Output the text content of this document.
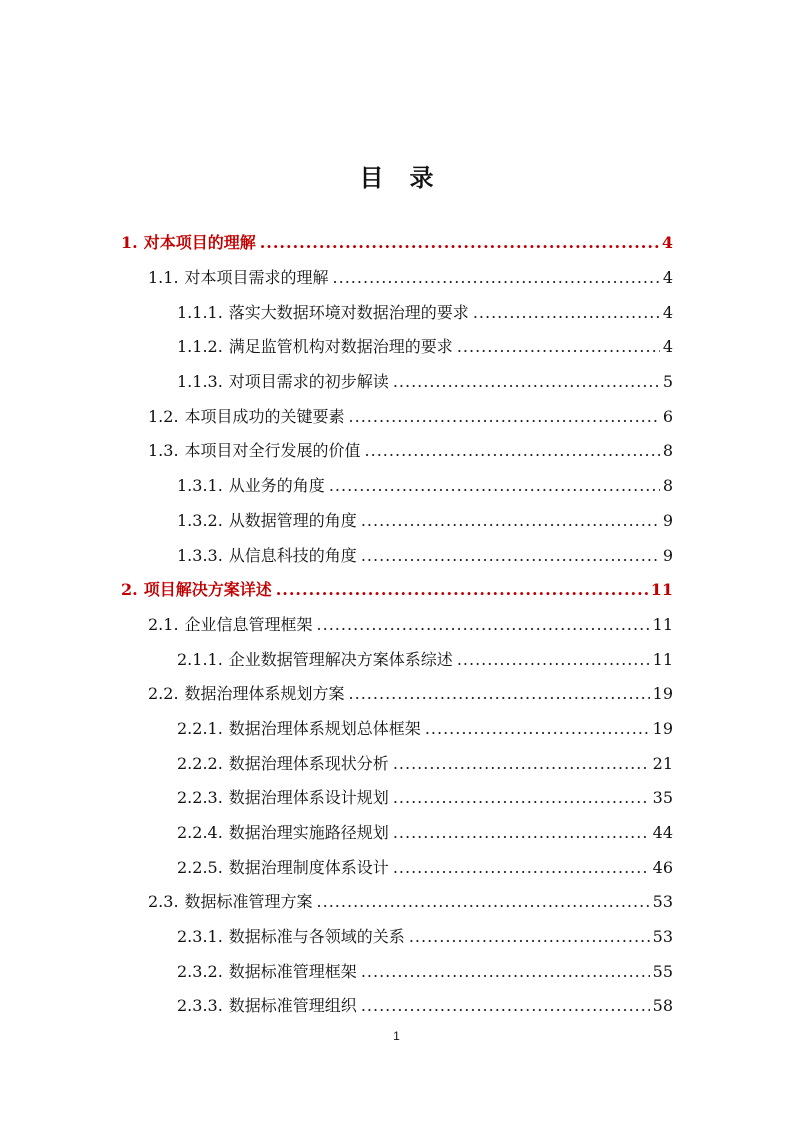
目录
1. 对本项目的理解 .....	4
1.1. 对本项目需求的理解 .....	4
1.1.1. 落实大数据环境对数据治理的要求 .....	4
1.1.2. 满足监管机构对数据治理的要求 .....	4
1.1.3. 对项目需求的初步解读 .....	5
1.2. 本项目成功的关键要素 .....	6
1.3. 本项目对全行发展的价值 .....	8
1.3.1. 从业务的角度 .....	8
1.3.2. 从数据管理的角度 .....	9
1.3.3. 从信息科技的角度 .....	9
2. 项目解决方案详述 .....	11
2.1. 企业信息管理框架 .....	11
2.1.1. 企业数据管理解决方案体系综述 .....	11
2.2. 数据治理体系规划方案 .....	19
2.2.1. 数据治理体系规划总体框架 .....	19
2.2.2. 数据治理体系现状分析 .....	21
2.2.3. 数据治理体系设计规划 .....	35
2.2.4. 数据治理实施路径规划 .....	44
2.2.5. 数据治理制度体系设计 .....	46
2.3. 数据标准管理方案 .....	53
2.3.1. 数据标准与各领域的关系 .....	53
2.3.2. 数据标准管理框架 .....	55
2.3.3. 数据标准管理组织 .....	58
1
